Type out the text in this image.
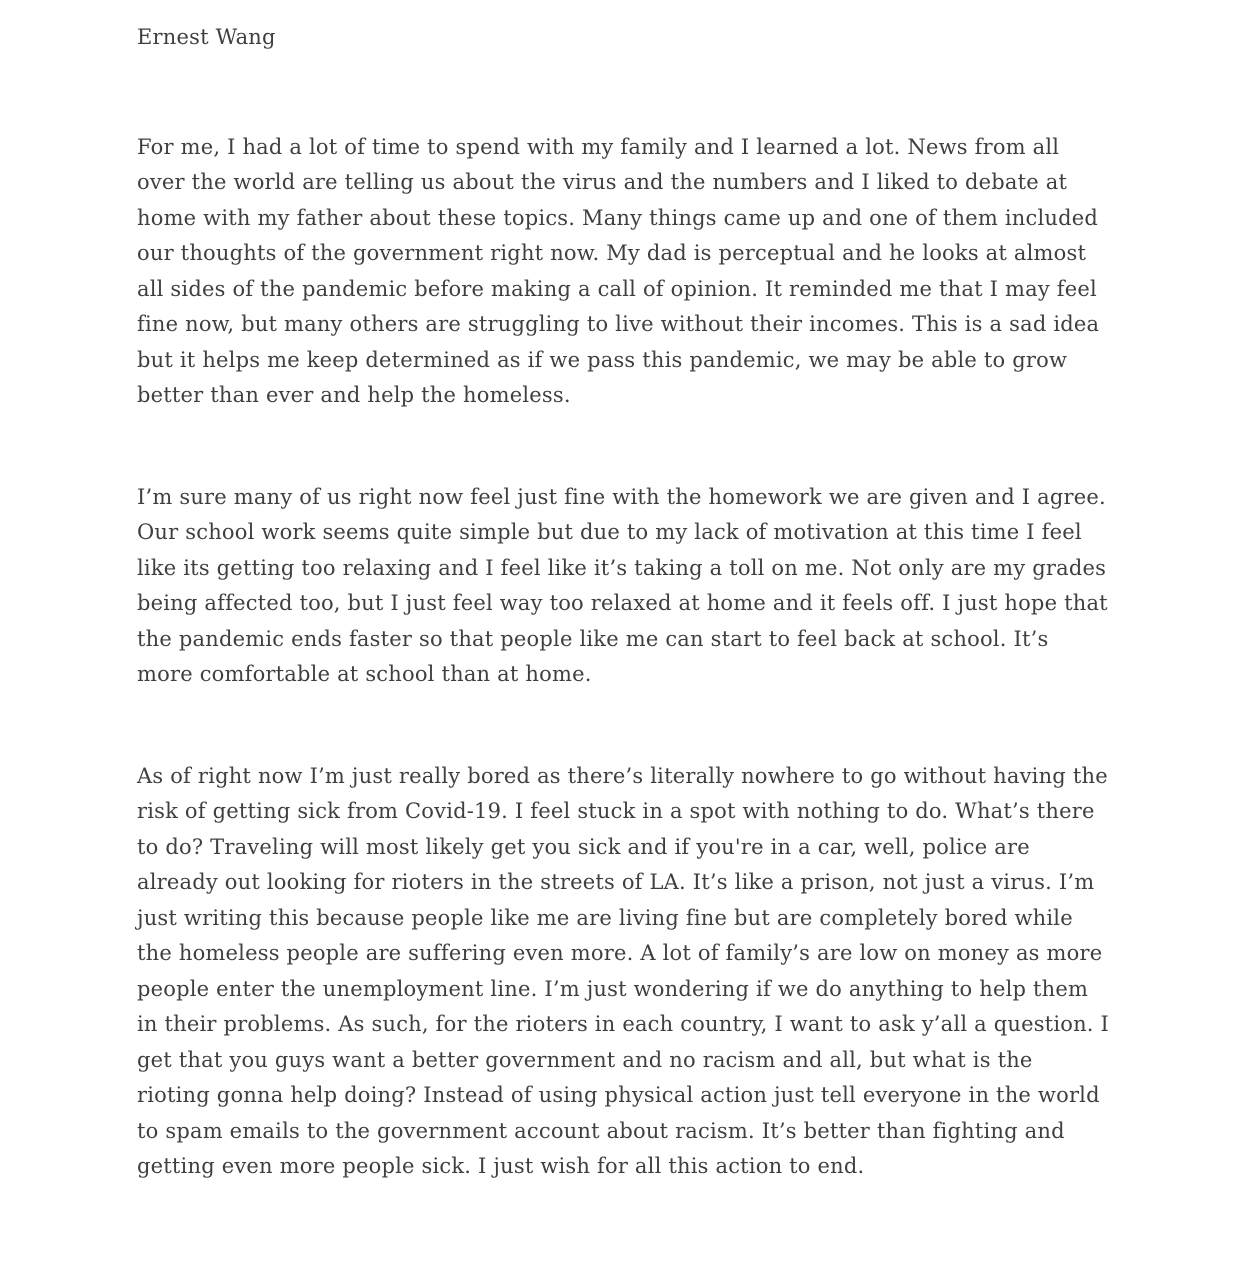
Ernest Wang

For me, I had a lot of time to spend with my family and I learned a lot. News from all over the world are telling us about the virus and the numbers and I liked to debate at home with my father about these topics. Many things came up and one of them included our thoughts of the government right now. My dad is perceptual and he looks at almost all sides of the pandemic before making a call of opinion. It reminded me that I may feel fine now, but many others are struggling to live without their incomes. This is a sad idea but it helps me keep determined as if we pass this pandemic, we may be able to grow better than ever and help the homeless.

I’m sure many of us right now feel just fine with the homework we are given and I agree. Our school work seems quite simple but due to my lack of motivation at this time I feel like its getting too relaxing and I feel like it’s taking a toll on me. Not only are my grades being affected too, but I just feel way too relaxed at home and it feels off. I just hope that the pandemic ends faster so that people like me can start to feel back at school. It’s more comfortable at school than at home.

As of right now I’m just really bored as there’s literally nowhere to go without having the risk of getting sick from Covid-19. I feel stuck in a spot with nothing to do. What’s there to do? Traveling will most likely get you sick and if you're in a car, well, police are already out looking for rioters in the streets of LA. It’s like a prison, not just a virus. I’m just writing this because people like me are living fine but are completely bored while the homeless people are suffering even more. A lot of family’s are low on money as more people enter the unemployment line. I’m just wondering if we do anything to help them in their problems. As such, for the rioters in each country, I want to ask y’all a question. I get that you guys want a better government and no racism and all, but what is the rioting gonna help doing? Instead of using physical action just tell everyone in the world to spam emails to the government account about racism. It’s better than fighting and getting even more people sick. I just wish for all this action to end.
